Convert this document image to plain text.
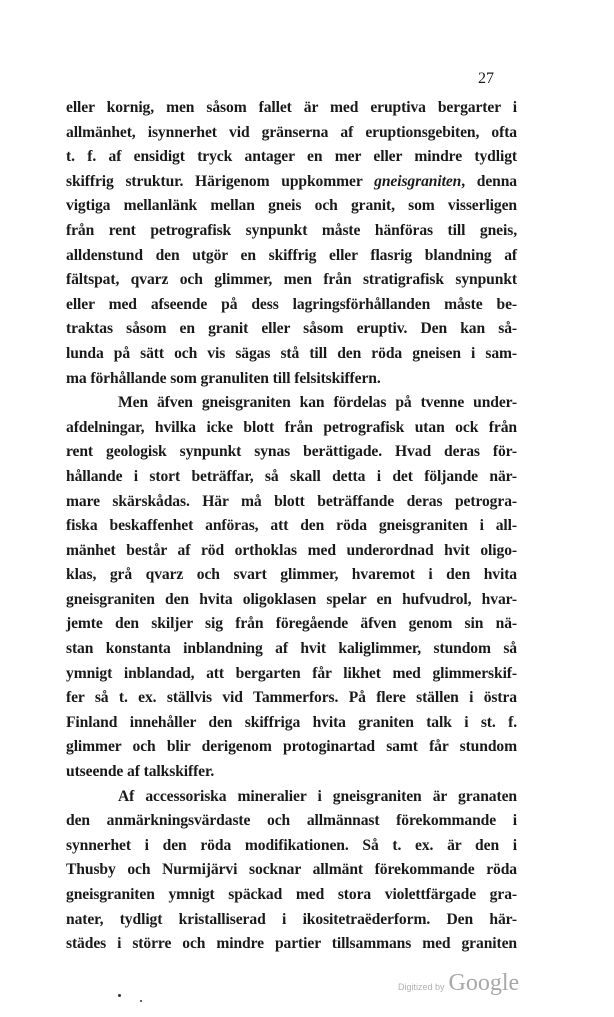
27
eller kornig, men såsom fallet är med eruptiva bergarter i
allmänhet, isynnerhet vid gränserna af eruptionsgebiten, ofta
t. f. af ensidigt tryck antager en mer eller mindre tydligt
skiffrig struktur. Härigenom uppkommer gneisgraniten, denna
vigtiga mellanlänk mellan gneis och granit, som visserligen
från rent petrografisk synpunkt måste hänföras till gneis,
alldenstund den utgör en skiffrig eller flasrig blandning af
fältspat, qvarz och glimmer, men från stratigrafisk synpunkt
eller med afseende på dess lagringsförhållanden måste be-
traktas såsom en granit eller såsom eruptiv. Den kan så-
lunda på sätt och vis sägas stå till den röda gneisen i sam-
ma förhållande som granuliten till felsitskiffern.
Men äfven gneisgraniten kan fördelas på tvenne under-
afdelningar, hvilka icke blott från petrografisk utan ock från
rent geologisk synpunkt synas berättigade. Hvad deras för-
hållande i stort beträffar, så skall detta i det följande när-
mare skärskådas. Här må blott beträffande deras petrogra-
fiska beskaffenhet anföras, att den röda gneisgraniten i all-
mänhet består af röd orthoklas med underordnad hvit oligo-
klas, grå qvarz och svart glimmer, hvaremot i den hvita
gneisgraniten den hvita oligoklasen spelar en hufvudrol, hvar-
jemte den skiljer sig från föregående äfven genom sin nä-
stan konstanta inblandning af hvit kaliglimmer, stundom så
ymnigt inblandad, att bergarten får likhet med glimmerskif-
fer så t. ex. ställvis vid Tammerfors. På flere ställen i östra
Finland innehåller den skiffriga hvita graniten talk i st. f.
glimmer och blir derigenom protoginartad samt får stundom
utseende af talkskiffer.
Af accessoriska mineralier i gneisgraniten är granaten
den anmärkningsvärdaste och allmännast förekommande i
synnerhet i den röda modifikationen. Så t. ex. är den i
Thusby och Nurmijärvi socknar allmänt förekommande röda
gneisgraniten ymnigt späckad med stora violettfärgade gra-
nater, tydligt kristalliserad i ikositetraëderform. Den här-
städes i större och mindre partier tillsammans med graniten
Digitized by Google
